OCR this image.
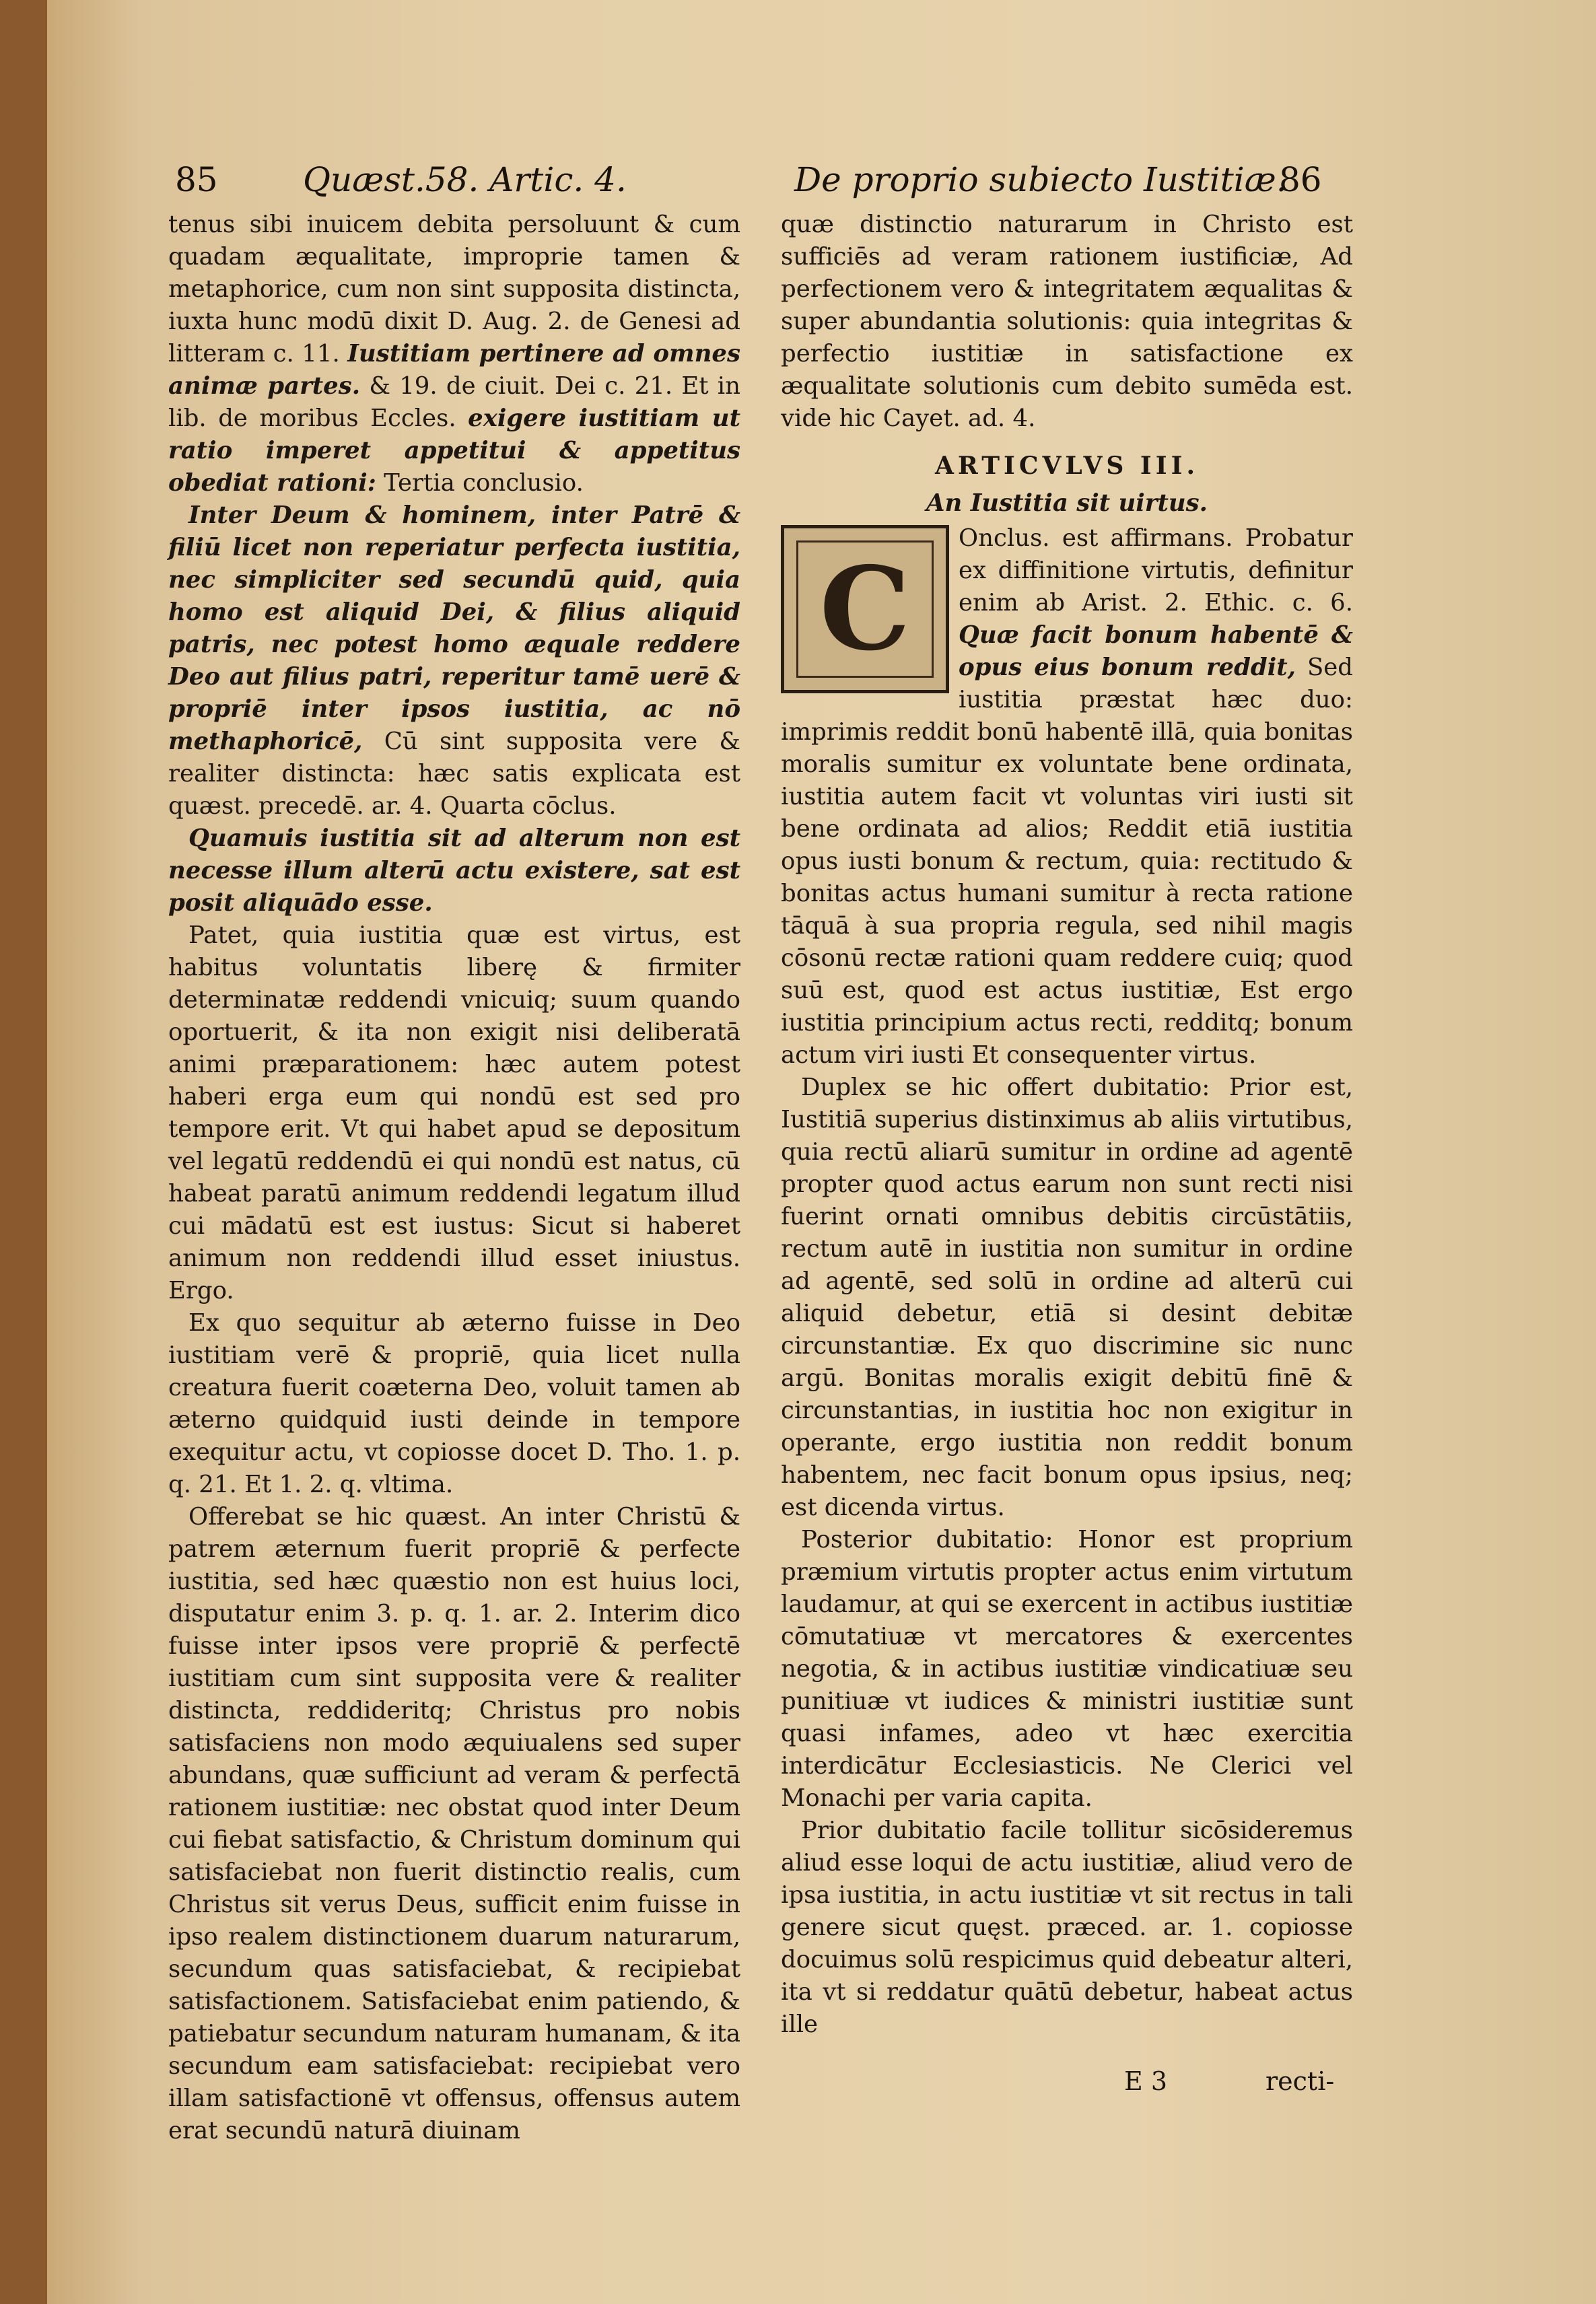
85	Quæst.58. Artic. 4.	De proprio subiecto Iustitiæ.
86

tenus sibi inuicem debita persoluunt & cum quadam æqualitate, improprie tamen & metaphorice, cum non sint supposita distincta, iuxta hunc modū dixit D. Aug. 2. de Genesi ad litteram c. 11. Iustitiam pertinere ad omnes animæ partes. & 19. de ciuit. Dei c. 21. Et in lib. de moribus Eccles. exigere iustitiam ut ratio imperet appetitui & appetitus obediat rationi: Tertia conclusio.

Inter Deum & hominem, inter Patrē & filiū licet non reperiatur perfecta iustitia, nec simpliciter sed secundū quid, quia homo est aliquid Dei, & filius aliquid patris, nec potest homo æquale reddere Deo aut filius patri, reperitur tamē uerē & propriē inter ipsos iustitia, ac nō methaphoricē, Cū sint supposita vere & realiter distincta: hæc satis explicata est quæst. precedē. ar. 4. Quarta cōclus.

Quamuis iustitia sit ad alterum non est necesse illum alterū actu existere, sat est posit aliquādo esse.

Patet, quia iustitia quæ est virtus, est habitus voluntatis liberę & firmiter determinatæ reddendi vnicuiq; suum quando oportuerit, & ita non exigit nisi deliberatā animi præparationem: hæc autem potest haberi erga eum qui nondū est sed pro tempore erit. Vt qui habet apud se depositum vel legatū reddendū ei qui nondū est natus, cū habeat paratū animum reddendi legatum illud cui mādatū est est iustus: Sicut si haberet animum non reddendi illud esset iniustus. Ergo.

Ex quo sequitur ab æterno fuisse in Deo iustitiam verē & propriē, quia licet nulla creatura fuerit coæterna Deo, voluit tamen ab æterno quidquid iusti deinde in tempore exequitur actu, vt copiosse docet D. Tho. 1. p. q. 21. Et 1. 2. q. vltima.

Offerebat se hic quæst. An inter Christū & patrem æternum fuerit propriē & perfecte iustitia, sed hæc quæstio non est huius loci, disputatur enim 3. p. q. 1. ar. 2. Interim dico fuisse inter ipsos vere propriē & perfectē iustitiam cum sint supposita vere & realiter distincta, reddideritq; Christus pro nobis satisfaciens non modo æquiualens sed super abundans, quæ sufficiunt ad veram & perfectā rationem iustitiæ: nec obstat quod inter Deum cui fiebat satisfactio, & Christum dominum qui satisfaciebat non fuerit distinctio realis, cum Christus sit verus Deus, sufficit enim fuisse in ipso realem distinctionem duarum naturarum, secundum quas satisfaciebat, & recipiebat satisfactionem. Satisfaciebat enim patiendo, & patiebatur secundum naturam humanam, & ita secundum eam satisfaciebat: recipiebat vero illam satisfactionē vt offensus, offensus autem erat secundū naturā diuinam

quæ distinctio naturarum in Christo est sufficiēs ad veram rationem iustificiæ, Ad perfectionem vero & integritatem æqualitas & super abundantia solutionis: quia integritas & perfectio iustitiæ in satisfactione ex æqualitate solutionis cum debito sumēda est. vide hic Cayet. ad. 4.

ARTICVLVS III.
An Iustitia sit uirtus.

C
Onclus. est affirmans. Probatur ex diffinitione virtutis, definitur enim ab Arist. 2. Ethic. c. 6. Quæ facit bonum habentē & opus eius bonum reddit, Sed iustitia præstat hæc duo: imprimis reddit bonū habentē illā, quia bonitas moralis sumitur ex voluntate bene ordinata, iustitia autem facit vt voluntas viri iusti sit bene ordinata ad alios; Reddit etiā iustitia opus iusti bonum & rectum, quia: rectitudo & bonitas actus humani sumitur à recta ratione tāquā à sua propria regula, sed nihil magis cōsonū rectæ rationi quam reddere cuiq; quod suū est, quod est actus iustitiæ, Est ergo iustitia principium actus recti, redditq; bonum actum viri iusti Et consequenter virtus.

Duplex se hic offert dubitatio: Prior est, Iustitiā superius distinximus ab aliis virtutibus, quia rectū aliarū sumitur in ordine ad agentē propter quod actus earum non sunt recti nisi fuerint ornati omnibus debitis circūstātiis, rectum autē in iustitia non sumitur in ordine ad agentē, sed solū in ordine ad alterū cui aliquid debetur, etiā si desint debitæ circunstantiæ. Ex quo discrimine sic nunc argū. Bonitas moralis exigit debitū finē & circunstantias, in iustitia hoc non exigitur in operante, ergo iustitia non reddit bonum habentem, nec facit bonum opus ipsius, neq; est dicenda virtus.

Posterior dubitatio: Honor est proprium præmium virtutis propter actus enim virtutum laudamur, at qui se exercent in actibus iustitiæ cōmutatiuæ vt mercatores & exercentes negotia, & in actibus iustitiæ vindicatiuæ seu punitiuæ vt iudices & ministri iustitiæ sunt quasi infames, adeo vt hæc exercitia interdicātur Ecclesiasticis. Ne Clerici vel Monachi per varia capita.

Prior dubitatio facile tollitur sicōsideremus aliud esse loqui de actu iustitiæ, aliud vero de ipsa iustitia, in actu iustitiæ vt sit rectus in tali genere sicut quęst. præced. ar. 1. copiosse docuimus solū respicimus quid debeatur alteri, ita vt si reddatur quātū debetur, habeat actus ille

E 3	recti-
